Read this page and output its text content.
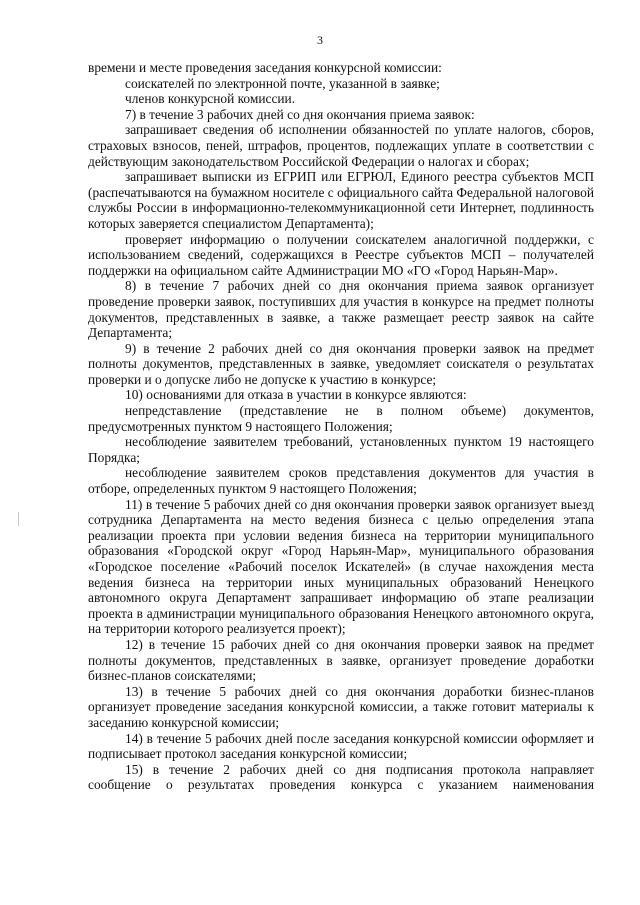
3

времени и месте проведения заседания конкурсной комиссии:

соискателей по электронной почте, указанной в заявке;

членов конкурсной комиссии.

7) в течение 3 рабочих дней со дня окончания приема заявок:

запрашивает сведения об исполнении обязанностей по уплате налогов, сборов, страховых взносов, пеней, штрафов, процентов, подлежащих уплате в соответствии с действующим законодательством Российской Федерации о налогах и сборах;

запрашивает выписки из ЕГРИП или ЕГРЮЛ, Единого реестра субъектов МСП (распечатываются на бумажном носителе с официального сайта Федеральной налоговой службы России в информационно-телекоммуникационной сети Интернет, подлинность которых заверяется специалистом Департамента);

проверяет информацию о получении соискателем аналогичной поддержки, с использованием сведений, содержащихся в Реестре субъектов МСП – получателей поддержки на официальном сайте Администрации МО «ГО «Город Нарьян-Мар».

8) в течение 7 рабочих дней со дня окончания приема заявок организует проведение проверки заявок, поступивших для участия в конкурсе на предмет полноты документов, представленных в заявке, а также размещает реестр заявок на сайте Департамента;

9) в течение 2 рабочих дней со дня окончания проверки заявок на предмет полноты документов, представленных в заявке, уведомляет соискателя о результатах проверки и о допуске либо не допуске к участию в конкурсе;

10) основаниями для отказа в участии в конкурсе являются:

непредставление (представление не в полном объеме) документов, предусмотренных пунктом 9 настоящего Положения;

несоблюдение заявителем требований, установленных пунктом 19 настоящего Порядка;

несоблюдение заявителем сроков представления документов для участия в отборе, определенных пунктом 9 настоящего Положения;

11) в течение 5 рабочих дней со дня окончания проверки заявок организует выезд сотрудника Департамента на место ведения бизнеса с целью определения этапа реализации проекта при условии ведения бизнеса на территории муниципального образования «Городской округ «Город Нарьян-Мар», муниципального образования «Городское поселение «Рабочий поселок Искателей» (в случае нахождения места ведения бизнеса на территории иных муниципальных образований Ненецкого автономного округа Департамент запрашивает информацию об этапе реализации проекта в администрации муниципального образования Ненецкого автономного округа, на территории которого реализуется проект);

12) в течение 15 рабочих дней со дня окончания проверки заявок на предмет полноты документов, представленных в заявке, организует проведение доработки бизнес-планов соискателями;

13) в течение 5 рабочих дней со дня окончания доработки бизнес-планов организует проведение заседания конкурсной комиссии, а также готовит материалы к заседанию конкурсной комиссии;

14) в течение 5 рабочих дней после заседания конкурсной комиссии оформляет и подписывает протокол заседания конкурсной комиссии;

15) в течение 2 рабочих дней со дня подписания протокола направляет сообщение о результатах проведения конкурса с указанием наименования
